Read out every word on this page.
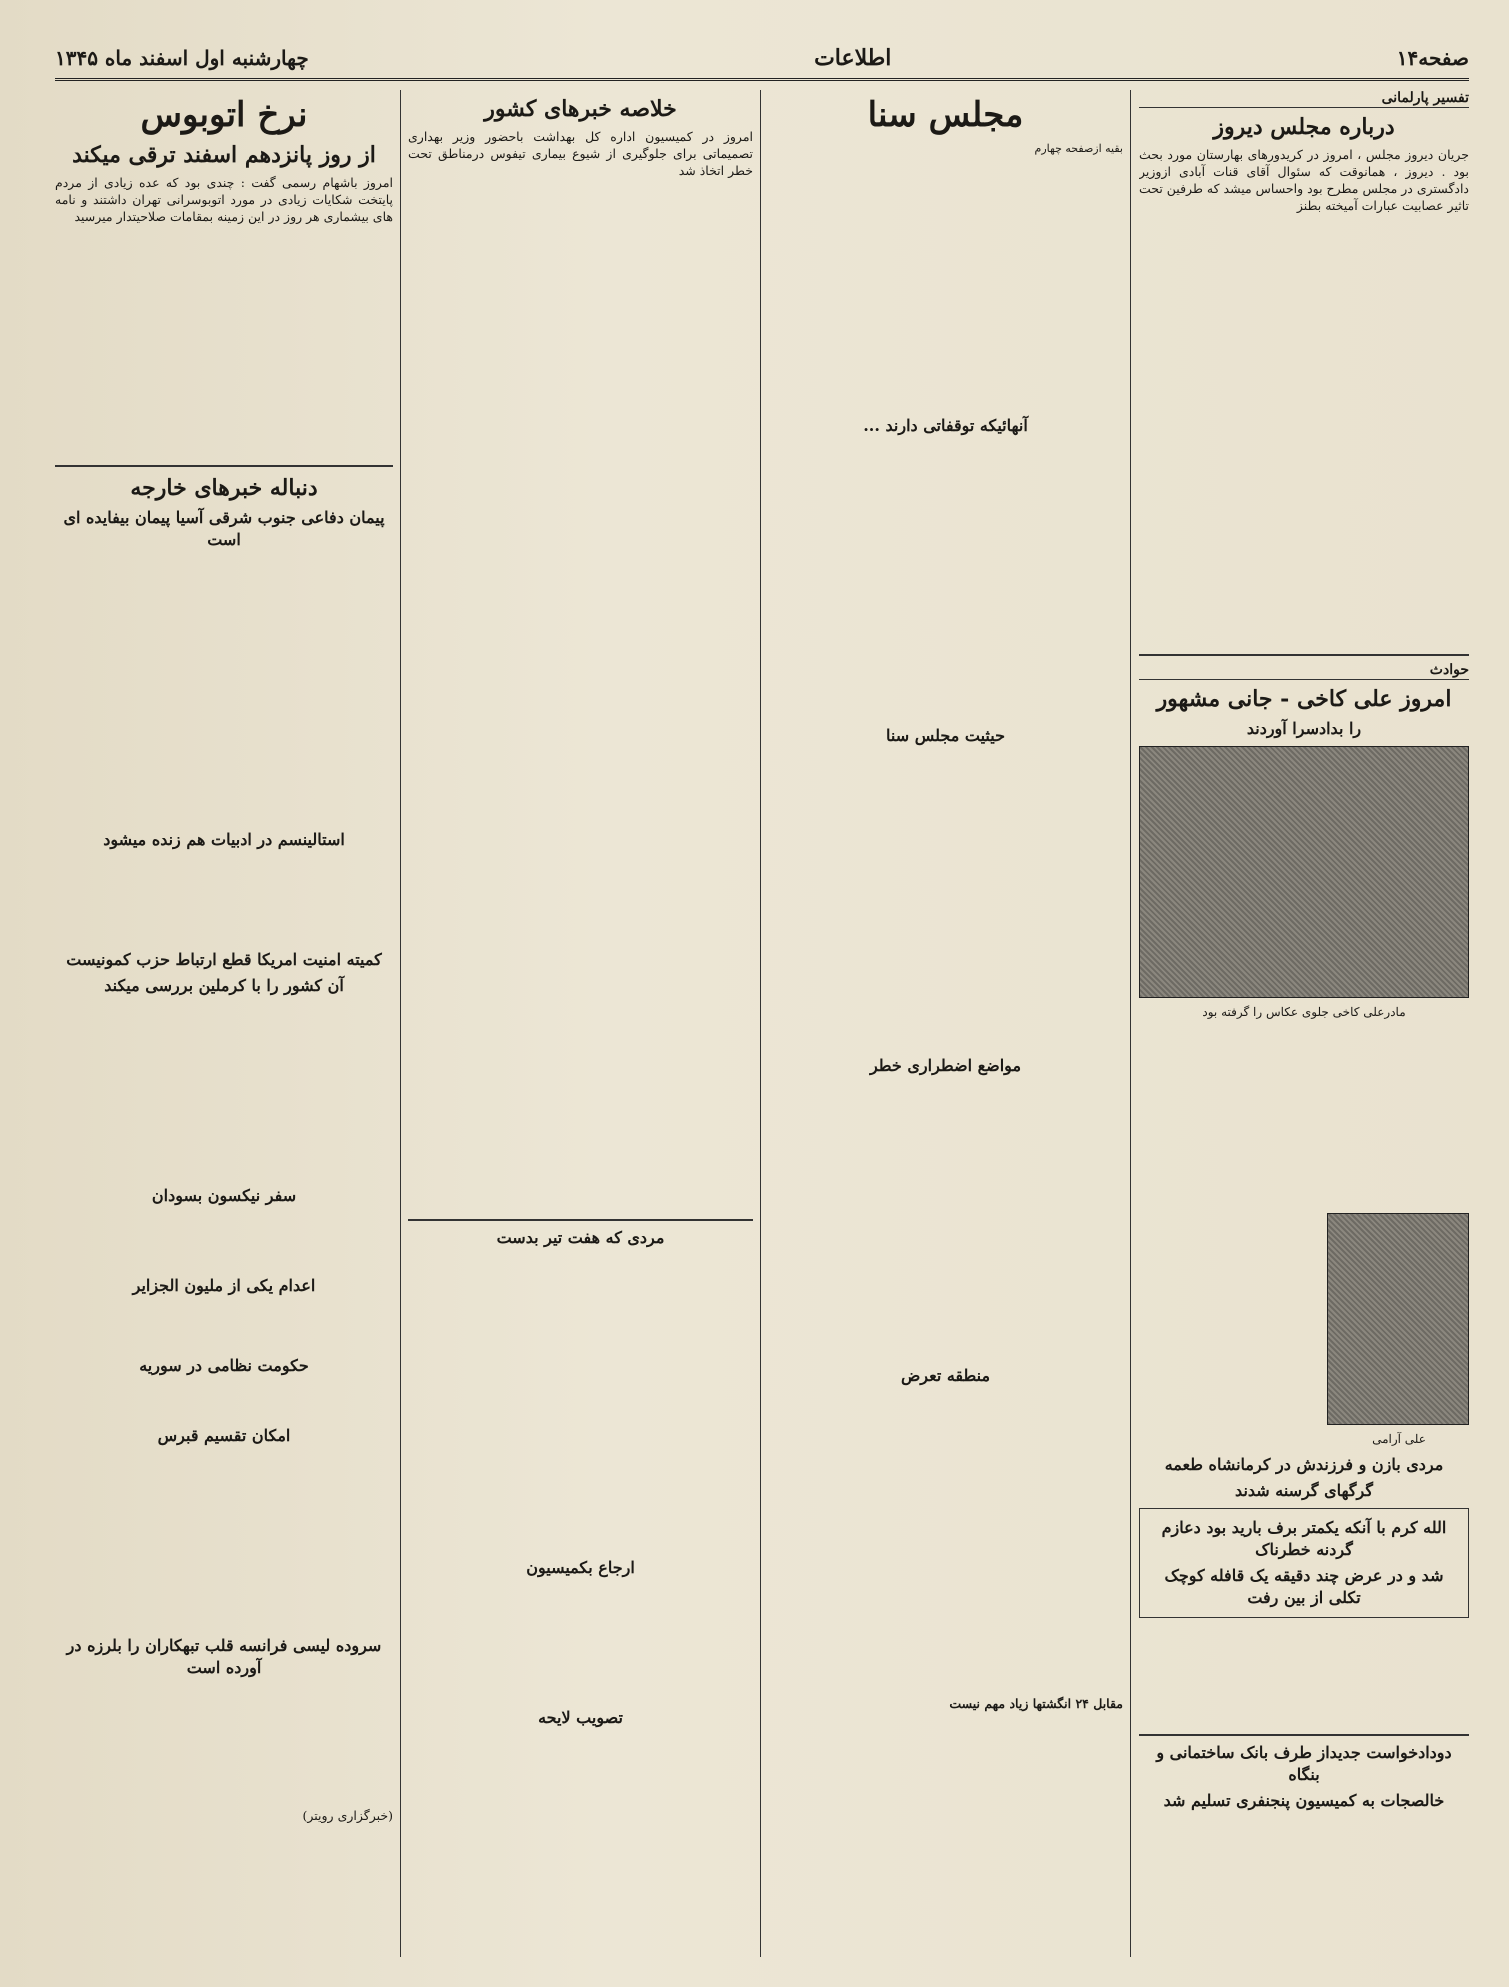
صفحه۱۴
اطلاعات
چهارشنبه اول اسفند ماه ۱۳۴۵
تفسیر پارلمانی
درباره مجلس دیروز

جریان دیروز مجلس ، امروز در کریدورهای بهارستان مورد بحث بود . دیروز ، همانوقت که سئوال آقای قنات آبادی ازوزیر دادگستری در مجلس مطرح بود واحساس میشد که طرفین تحت تاثیر عصابیت عبارات آمیخته بطنز

حوادث
امروز علی کاخی - جانی مشهور
را بدادسرا آوردند
مادرعلی کاخی جلوی عکاس را گرفته بود

علی آرامی
مردی بازن و فرزندش در کرمانشاه طعمه
گرگهای گرسنه شدند
الله کرم با آنکه یکمتر برف بارید بود دعازم گردنه خطرناک
شد و در عرض چند دقیقه یک قافله کوچک تکلی از بین رفت

دودادخواست جدیداز طرف بانک ساختمانی و بنگاه
خالصجات به کمیسیون پنجنفری تسلیم شد
مجلس سنا

بقیه ازصفحه چهارم

آنهائیکه توقفاتی دارند ...

حیثیت مجلس سنا

مواضع اضطراری خطر

منطقه تعرض

مقابل ۲۴ انگشتها زیاد مهم نیست

خلاصه خبرهای کشور

امروز در کمیسیون اداره کل بهداشت باحضور وزیر بهداری تصمیماتی برای جلوگیری از شیوع بیماری تیفوس درمناطق تحت خطر اتخاذ شد

مردی که هفت تیر بدست

ارجاع بکمیسیون

تصویب لایحه
نرخ اتوبوس
از روز پانزدهم اسفند ترقی میکند

امروز باشهام رسمی گفت : چندی بود که عده زیادی از مردم پایتخت شکایات زیادی در مورد اتوبوسرانی تهران داشتند و نامه های بیشماری هر روز در این زمینه بمقامات صلاحیتدار میرسید

دنباله خبرهای خارجه
پیمان دفاعی جنوب شرقی آسیا پیمان بیفایده ای است

استالینسم در ادبیات هم زنده میشود

کمیته امنیت امریکا قطع ارتباط حزب کمونیست
آن کشور را با کرملین بررسی میکند

سفر نیکسون بسودان

اعدام یکی از ملیون الجزایر

حکومت نظامی در سوریه

امکان تقسیم قبرس

سروده لیسی فرانسه قلب تبهکاران را بلرزه در آورده است

(خبرگزاری رویتر)
